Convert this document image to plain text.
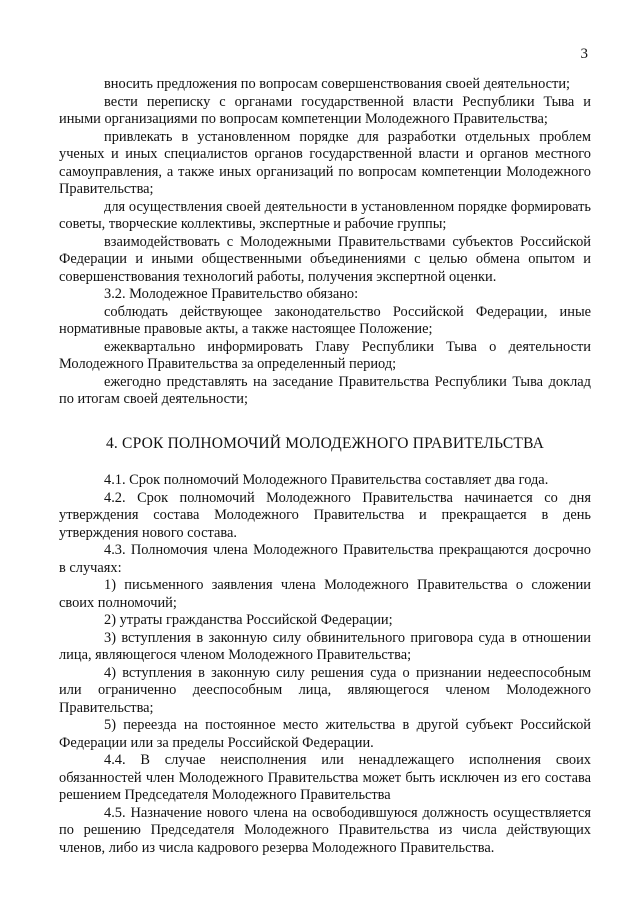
3

вносить предложения по вопросам совершенствования своей деятельности;

вести переписку с органами государственной власти Республики Тыва и иными организациями по вопросам компетенции Молодежного Правительства;

привлекать в установленном порядке для разработки отдельных проблем ученых и иных специалистов органов государственной власти и органов местного самоуправления, а также иных организаций по вопросам компетенции Молодежного Правительства;

для осуществления своей деятельности в установленном порядке формировать советы, творческие коллективы, экспертные и рабочие группы;

взаимодействовать с Молодежными Правительствами субъектов Российской Федерации и иными общественными объединениями с целью обмена опытом и совершенствования технологий работы, получения экспертной оценки.

3.2. Молодежное Правительство обязано:

соблюдать действующее законодательство Российской Федерации, иные нормативные правовые акты, а также настоящее Положение;

ежеквартально информировать Главу Республики Тыва о деятельности Молодежного Правительства за определенный период;

ежегодно представлять на заседание Правительства Республики Тыва доклад по итогам своей деятельности;

4. СРОК ПОЛНОМОЧИЙ МОЛОДЕЖНОГО ПРАВИТЕЛЬСТВА

4.1. Срок полномочий Молодежного Правительства составляет два года.

4.2. Срок полномочий Молодежного Правительства начинается со дня утверждения состава Молодежного Правительства и прекращается в день утверждения нового состава.

4.3. Полномочия члена Молодежного Правительства прекращаются досрочно в случаях:

1) письменного заявления члена Молодежного Правительства о сложении своих полномочий;

2) утраты гражданства Российской Федерации;

3) вступления в законную силу обвинительного приговора суда в отношении лица, являющегося членом Молодежного Правительства;

4) вступления в законную силу решения суда о признании недееспособным или ограниченно дееспособным лица, являющегося членом Молодежного Правительства;

5) переезда на постоянное место жительства в другой субъект Российской Федерации или за пределы Российской Федерации.

4.4. В случае неисполнения или ненадлежащего исполнения своих обязанностей член Молодежного Правительства может быть исключен из его состава решением Председателя Молодежного Правительства

4.5. Назначение нового члена на освободившуюся должность осуществляется по решению Председателя Молодежного Правительства из числа действующих членов, либо из числа кадрового резерва Молодежного Правительства.
